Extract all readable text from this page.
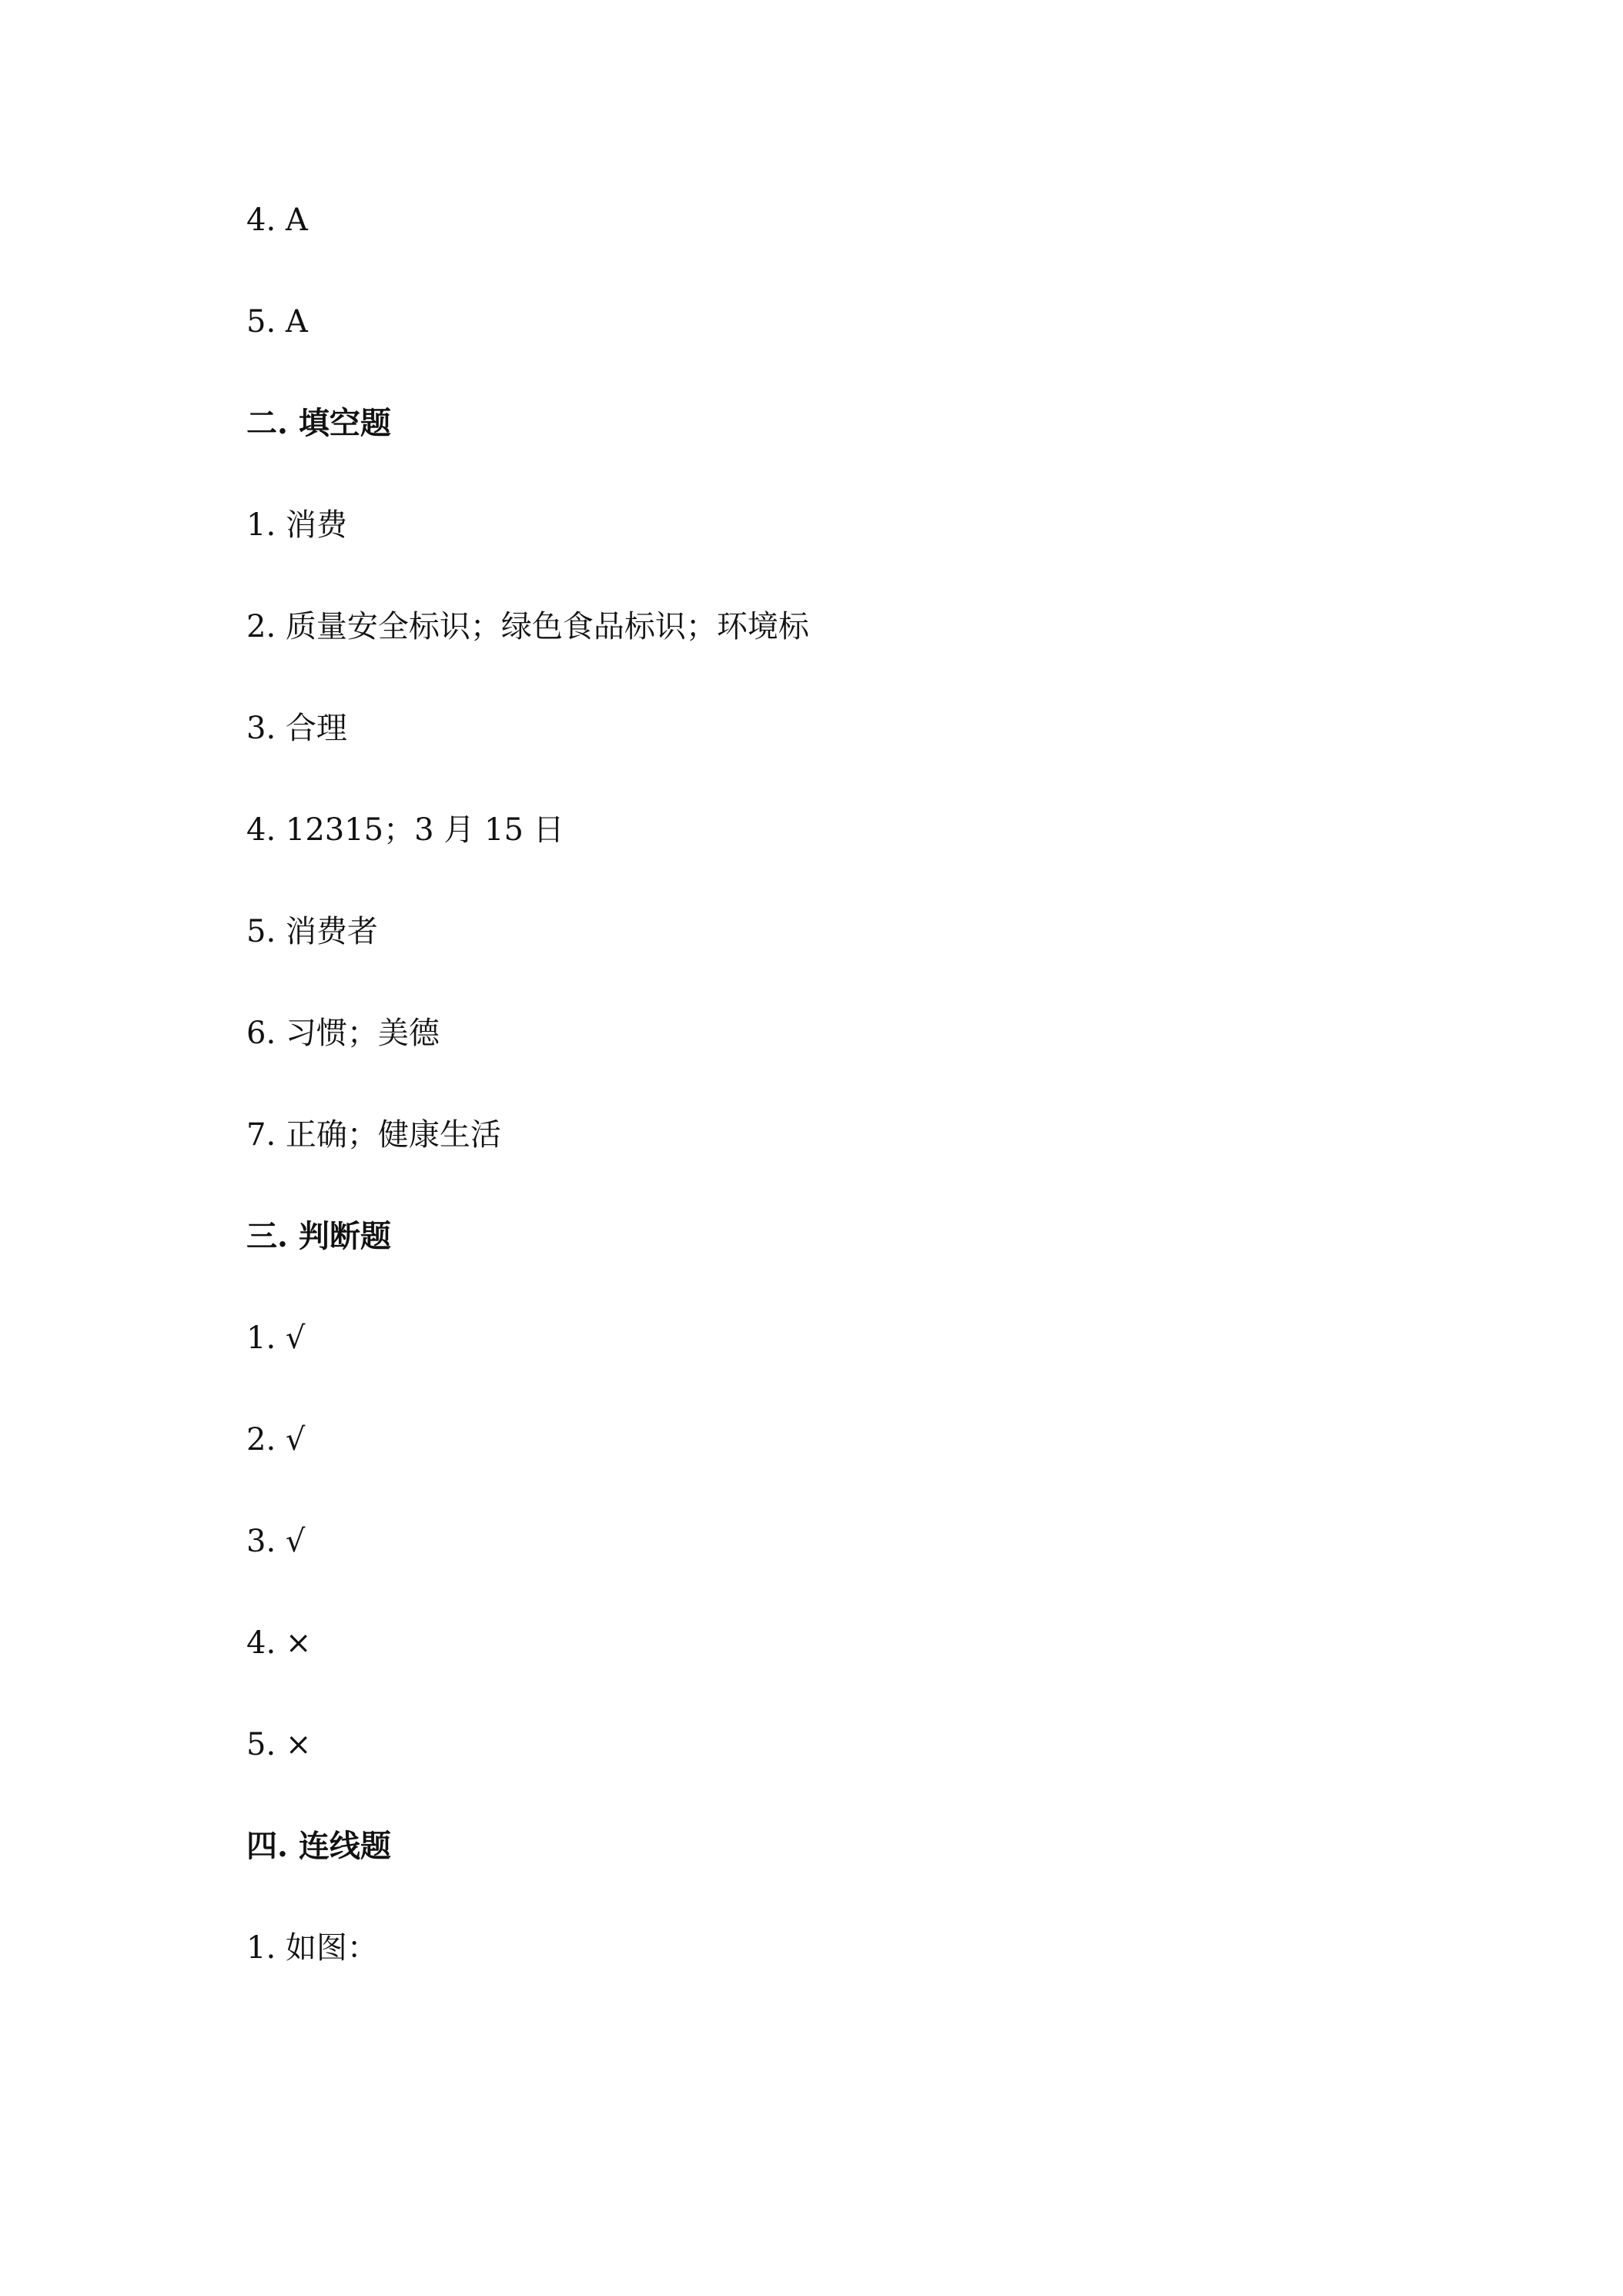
4. A
5. A
二. 填空题
1. 消费
2. 质量安全标识；绿色食品标识；环境标
3. 合理
4. 12315；3 月 15 日
5. 消费者
6. 习惯；美德
7. 正确；健康生活
三. 判断题
1. √
2. √
3. √
4. ×
5. ×
四. 连线题
1. 如图：
